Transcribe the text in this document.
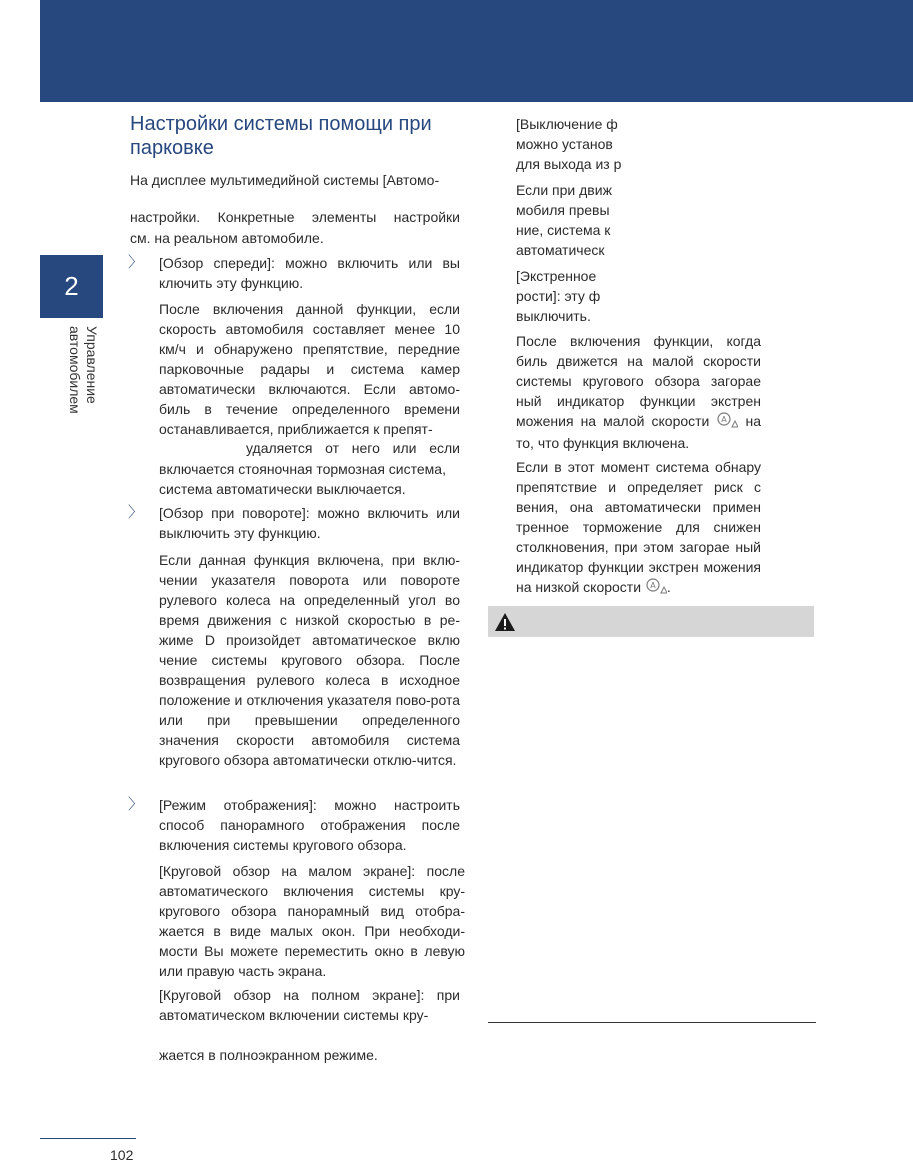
2
Управление
автомобилем
Настройки системы помощи при парковке

На дисплее мультимедийной системы [Автомо-

настройки. Конкретные элементы настройки

см. на реальном автомобиле.

〉 [Обзор спереди]: можно включить или вы ключить эту функцию.

После включения данной функции, если скорость автомобиля составляет менее 10 км/ч и обнаружено препятствие, передние парковочные радары и система камер автоматически включаются. Если автомо-биль в течение определенного времени останавливается, приближается к препят-

удаляется от него или если

включается стояночная тормозная система, система автоматически выключается.

〉 [Обзор при повороте]: можно включить или выключить эту функцию.

Если данная функция включена, при вклю-чении указателя поворота или повороте рулевого колеса на определенный угол во время движения с низкой скоростью в ре-жиме D произойдет автоматическое вклю чение системы кругового обзора. После возвращения рулевого колеса в исходное положение и отключения указателя пово-рота или при превышении определенного значения скорости автомобиля система кругового обзора автоматически отклю-чится.

〉 [Режим отображения]: можно настроить способ панорамного отображения после включения системы кругового обзора.

[Круговой обзор на малом экране]: после автоматического включения системы кру-кругового обзора панорамный вид отобра-жается в виде малых окон. При необходи-мости Вы можете переместить окно в левую или правую часть экрана.

[Круговой обзор на полном экране]: при автоматическом включении системы кру-

жается в полноэкранном режиме.

[Выключение ф можно установ для выхода из р

Если при движ мобиля превы ние, система к автоматическ

[Экстренное рости]: эту ф выключить.

После включения функции, когда биль движется на малой скорости системы кругового обзора загорае ный индикатор функции экстрен можения на малой скорости A на то, что функция включена.

Если в этот момент система обнару препятствие и определяет риск с вения, она автоматически примен тренное торможение для снижен столкновения, при этом загорае ный индикатор функции экстрен можения на низкой скорости A .

102
